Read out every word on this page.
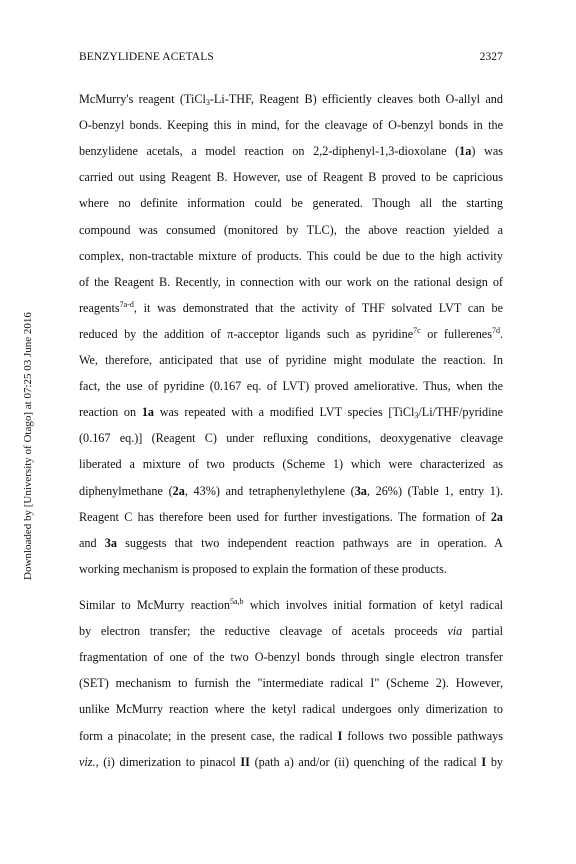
BENZYLIDENE ACETALS	2327
Downloaded by [University of Otago] at 07:25 03 June 2016
McMurry's reagent (TiCl$_3$-Li-THF, Reagent B) efficiently cleaves both O-allyl and
O-benzyl bonds. Keeping this in mind, for the cleavage of O-benzyl bonds in the
benzylidene acetals, a model reaction on 2,2-diphenyl-1,3-dioxolane (1a) was
carried out using Reagent B. However, use of Reagent B proved to be capricious
where no definite information could be generated. Though all the starting
compound was consumed (monitored by TLC), the above reaction yielded a
complex, non-tractable mixture of products. This could be due to the high activity
of the Reagent B. Recently, in connection with our work on the rational design of
reagents$^{7a-d}$, it was demonstrated that the activity of THF solvated LVT can be
reduced by the addition of π-acceptor ligands such as pyridine$^{7c}$ or fullerenes$^{7d}$.
We, therefore, anticipated that use of pyridine might modulate the reaction. In
fact, the use of pyridine (0.167 eq. of LVT) proved ameliorative. Thus, when the
reaction on 1a was repeated with a modified LVT species [TiCl$_3$/Li/THF/pyridine
(0.167 eq.)] (Reagent C) under refluxing conditions, deoxygenative cleavage
liberated a mixture of two products (Scheme 1) which were characterized as
diphenylmethane (2a, 43%) and tetraphenylethylene (3a, 26%) (Table 1, entry 1).
Reagent C has therefore been used for further investigations. The formation of 2a
and 3a suggests that two independent reaction pathways are in operation. A
working mechanism is proposed to explain the formation of these products.
Similar to McMurry reaction$^{5a,b}$ which involves initial formation of ketyl radical
by electron transfer; the reductive cleavage of acetals proceeds via partial
fragmentation of one of the two O-benzyl bonds through single electron transfer
(SET) mechanism to furnish the "intermediate radical I" (Scheme 2). However,
unlike McMurry reaction where the ketyl radical undergoes only dimerization to
form a pinacolate; in the present case, the radical I follows two possible pathways
viz., (i) dimerization to pinacol II (path a) and/or (ii) quenching of the radical I by
